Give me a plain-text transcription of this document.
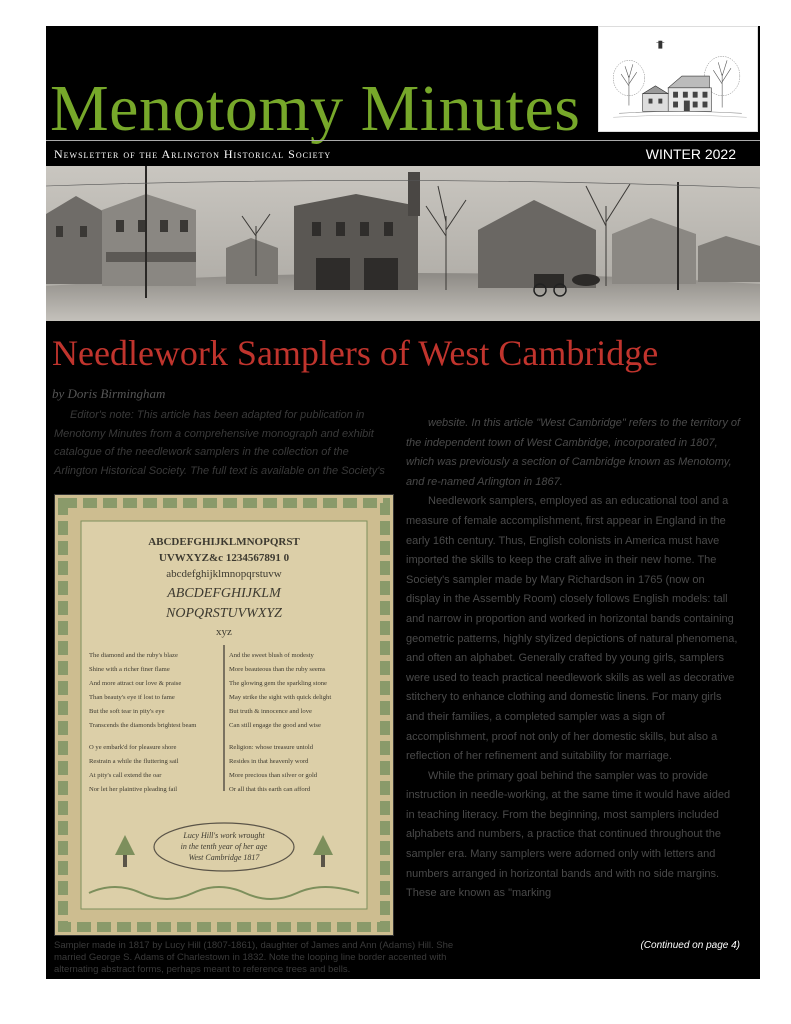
Menotomy Minutes
Newsletter of the Arlington Historical Society	WINTER 2022
Needlework Samplers of West Cambridge
by Doris Birmingham
Editor's note: This article has been adapted for publication in Menotomy Minutes from a comprehensive monograph and exhibit catalogue of the needlework samplers in the collection of the Arlington Historical Society. The full text is available on the Society's
ABCDEFGHIJKLMNOPQRST
UVWXYZ&c 1234567891 0
abcdefghijklmnopqrstuvw
ABCDEFGHIJKLM
NOPQRSTUVWXYZ
xyz
The diamond and the ruby's blaze
Shine with a richer finer flame
And more attract our love & praise
Than beauty's eye if lost to fame
But the soft tear in pity's eye
Transcends the diamonds brightest beam
And the sweet blush of modesty
More beauteous than the ruby seems
The glowing gem the sparkling stone
May strike the sight with quick delight
But truth & innocence and love
Can still engage the good and wise
O ye embark'd for pleasure shore
Restrain a while the fluttering sail
At pity's call extend the oar
Nor let her plaintive pleading fail
Religion: whose treasure untold
Resides in that heavenly word
More precious than silver or gold
Or all that this earth can afford
Lucy Hill's work wrought
in the tenth year of her age
West Cambridge 1817

website. In this article "West Cambridge" refers to the territory of the independent town of West Cambridge, incorporated in 1807, which was previously a section of Cambridge known as Menotomy, and re-named Arlington in 1867.

Needlework samplers, employed as an educational tool and a measure of female accomplishment, first appear in England in the early 16th century. Thus, English colonists in America must have imported the skills to keep the craft alive in their new home. The Society's sampler made by Mary Richardson in 1765 (now on display in the Assembly Room) closely follows English models: tall and narrow in proportion and worked in horizontal bands containing geometric patterns, highly stylized depictions of natural phenomena, and often an alphabet. Generally crafted by young girls, samplers were used to teach practical needlework skills as well as decorative stitchery to enhance clothing and domestic linens. For many girls and their families, a completed sampler was a sign of accomplishment, proof not only of her domestic skills, but also a reflection of her refinement and suitability for marriage.

While the primary goal behind the sampler was to provide instruction in needle-working, at the same time it would have aided in teaching literacy. From the beginning, most samplers included alphabets and numbers, a practice that continued throughout the sampler era. Many samplers were adorned only with letters and numbers arranged in horizontal bands and with no side margins. These are known as "marking

Sampler made in 1817 by Lucy Hill (1807-1861), daughter of James and Ann (Adams) Hill. She married George S. Adams of Charlestown in 1832. Note the looping line border accented with alternating abstract forms, perhaps meant to reference trees and bells.
(Continued on page 4)
